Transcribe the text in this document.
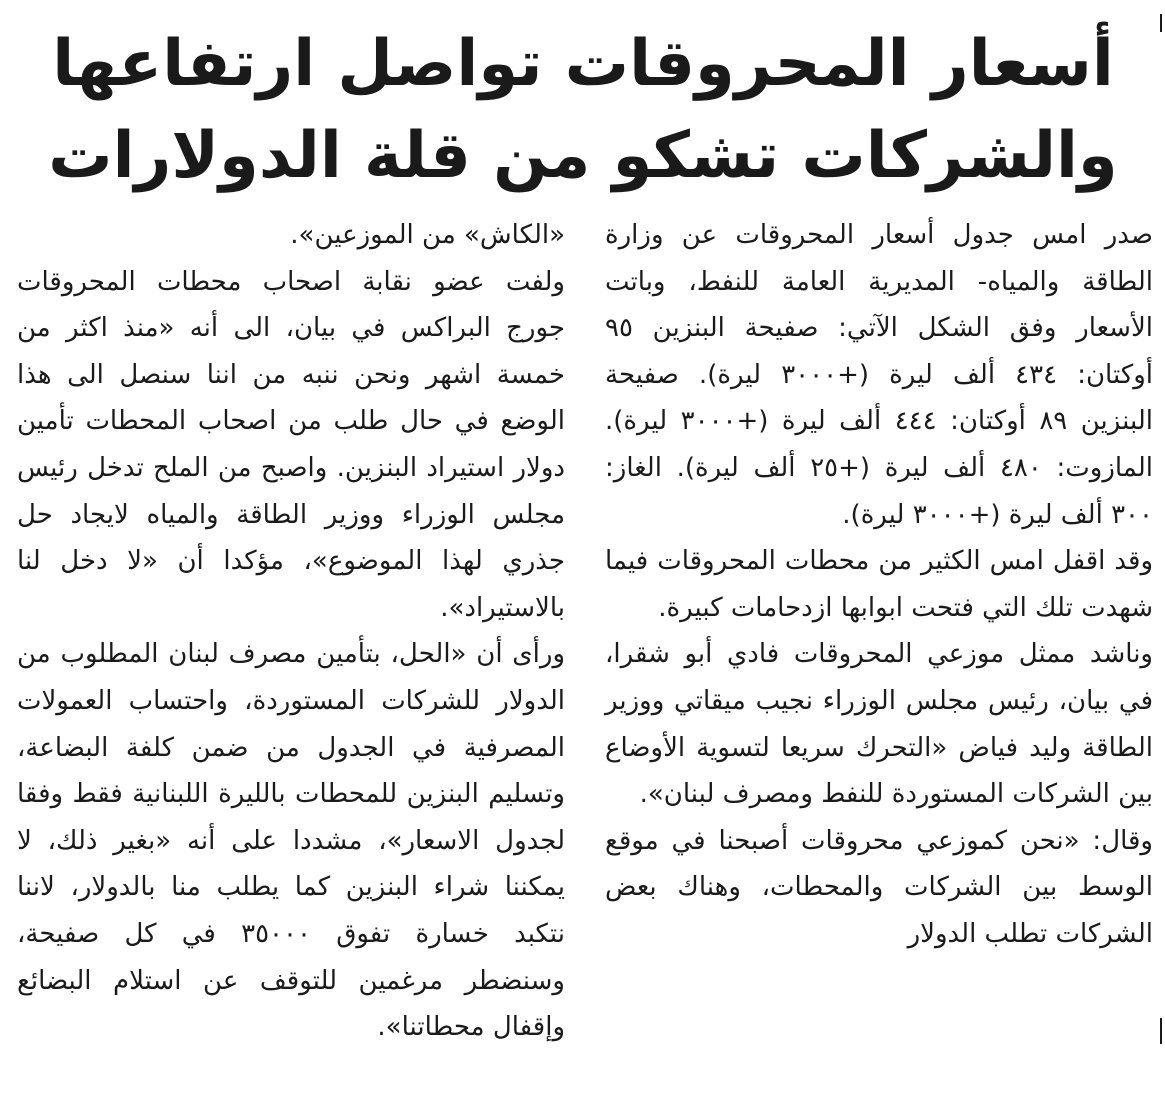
أسعار المحروقات تواصل ارتفاعها
والشركات تشكو من قلة الدولارات

صدر امس جدول أسعار المحروقات عن وزارة الطاقة والمياه- المديرية العامة للنفط، وباتت الأسعار وفق الشكل الآتي: صفيحة البنزين ٩٥ أوكتان: ٤٣٤ ألف ليرة (+٣٠٠٠ ليرة). صفيحة البنزين ٨٩ أوكتان: ٤٤٤ ألف ليرة (+٣٠٠٠ ليرة). المازوت: ٤٨٠ ألف ليرة (+٢٥ ألف ليرة). الغاز: ٣٠٠ ألف ليرة (+٣٠٠٠ ليرة).

وقد اقفل امس الكثير من محطات المحروقات فيما شهدت تلك التي فتحت ابوابها ازدحامات كبيرة.

وناشد ممثل موزعي المحروقات فادي أبو شقرا، في بيان، رئيس مجلس الوزراء نجيب ميقاتي ووزير الطاقة وليد فياض «التحرك سريعا لتسوية الأوضاع بين الشركات المستوردة للنفط ومصرف لبنان».

وقال: «نحن كموزعي محروقات أصبحنا في موقع الوسط بين الشركات والمحطات، وهناك بعض الشركات تطلب الدولار

«الكاش» من الموزعين».

ولفت عضو نقابة اصحاب محطات المحروقات جورج البراكس في بيان، الى أنه «منذ اكثر من خمسة اشهر ونحن ننبه من اننا سنصل الى هذا الوضع في حال طلب من اصحاب المحطات تأمين دولار استيراد البنزين. واصبح من الملح تدخل رئيس مجلس الوزراء ووزير الطاقة والمياه لايجاد حل جذري لهذا الموضوع»، مؤكدا أن «لا دخل لنا بالاستيراد».

ورأى أن «الحل، بتأمين مصرف لبنان المطلوب من الدولار للشركات المستوردة، واحتساب العمولات المصرفية في الجدول من ضمن كلفة البضاعة، وتسليم البنزين للمحطات بالليرة اللبنانية فقط وفقا لجدول الاسعار»، مشددا على أنه «بغير ذلك، لا يمكننا شراء البنزين كما يطلب منا بالدولار، لاننا نتكبد خسارة تفوق ٣٥٠٠٠ في كل صفيحة، وسنضطر مرغمين للتوقف عن استلام البضائع وإقفال محطاتنا».
